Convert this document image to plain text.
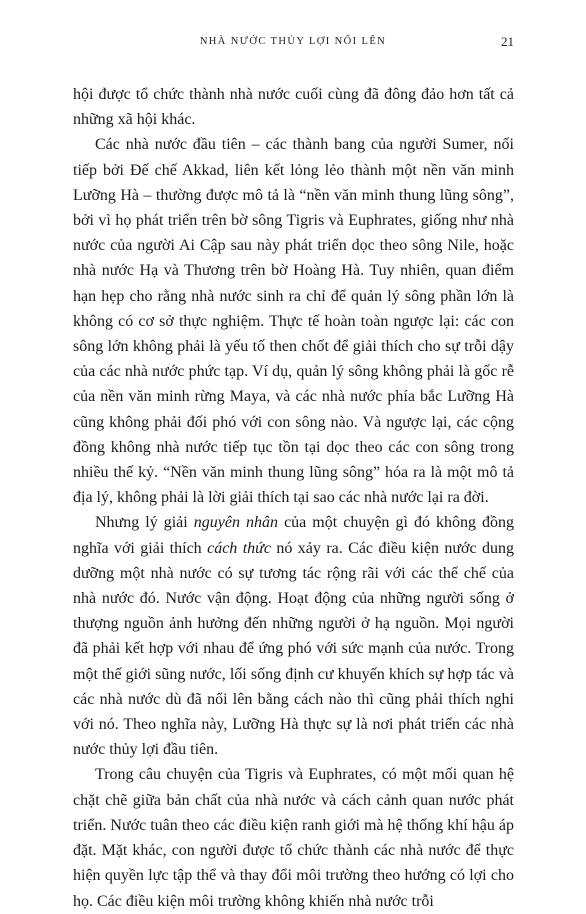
NHÀ NƯỚC THỦY LỢI NỔI LÊN	21

hội được tổ chức thành nhà nước cuối cùng đã đông đảo hơn tất cả những xã hội khác.

Các nhà nước đầu tiên – các thành bang của người Sumer, nối tiếp bởi Đế chế Akkad, liên kết lỏng lẻo thành một nền văn minh Lưỡng Hà – thường được mô tả là “nền văn minh thung lũng sông”, bởi vì họ phát triển trên bờ sông Tigris và Euphrates, giống như nhà nước của người Ai Cập sau này phát triển dọc theo sông Nile, hoặc nhà nước Hạ và Thương trên bờ Hoàng Hà. Tuy nhiên, quan điểm hạn hẹp cho rằng nhà nước sinh ra chỉ để quản lý sông phần lớn là không có cơ sở thực nghiệm. Thực tế hoàn toàn ngược lại: các con sông lớn không phải là yếu tố then chốt để giải thích cho sự trỗi dậy của các nhà nước phức tạp. Ví dụ, quản lý sông không phải là gốc rễ của nền văn minh rừng Maya, và các nhà nước phía bắc Lưỡng Hà cũng không phải đối phó với con sông nào. Và ngược lại, các cộng đồng không nhà nước tiếp tục tồn tại dọc theo các con sông trong nhiều thế kỷ. “Nền văn minh thung lũng sông” hóa ra là một mô tả địa lý, không phải là lời giải thích tại sao các nhà nước lại ra đời.

Nhưng lý giải nguyên nhân của một chuyện gì đó không đồng nghĩa với giải thích cách thức nó xảy ra. Các điều kiện nước dung dưỡng một nhà nước có sự tương tác rộng rãi với các thể chế của nhà nước đó. Nước vận động. Hoạt động của những người sống ở thượng nguồn ảnh hưởng đến những người ở hạ nguồn. Mọi người đã phải kết hợp với nhau để ứng phó với sức mạnh của nước. Trong một thế giới sũng nước, lối sống định cư khuyến khích sự hợp tác và các nhà nước dù đã nổi lên bằng cách nào thì cũng phải thích nghi với nó. Theo nghĩa này, Lưỡng Hà thực sự là nơi phát triển các nhà nước thủy lợi đầu tiên.

Trong câu chuyện của Tigris và Euphrates, có một mối quan hệ chặt chẽ giữa bản chất của nhà nước và cách cảnh quan nước phát triển. Nước tuân theo các điều kiện ranh giới mà hệ thống khí hậu áp đặt. Mặt khác, con người được tổ chức thành các nhà nước để thực hiện quyền lực tập thể và thay đổi môi trường theo hướng có lợi cho họ. Các điều kiện môi trường không khiến nhà nước trỗi
